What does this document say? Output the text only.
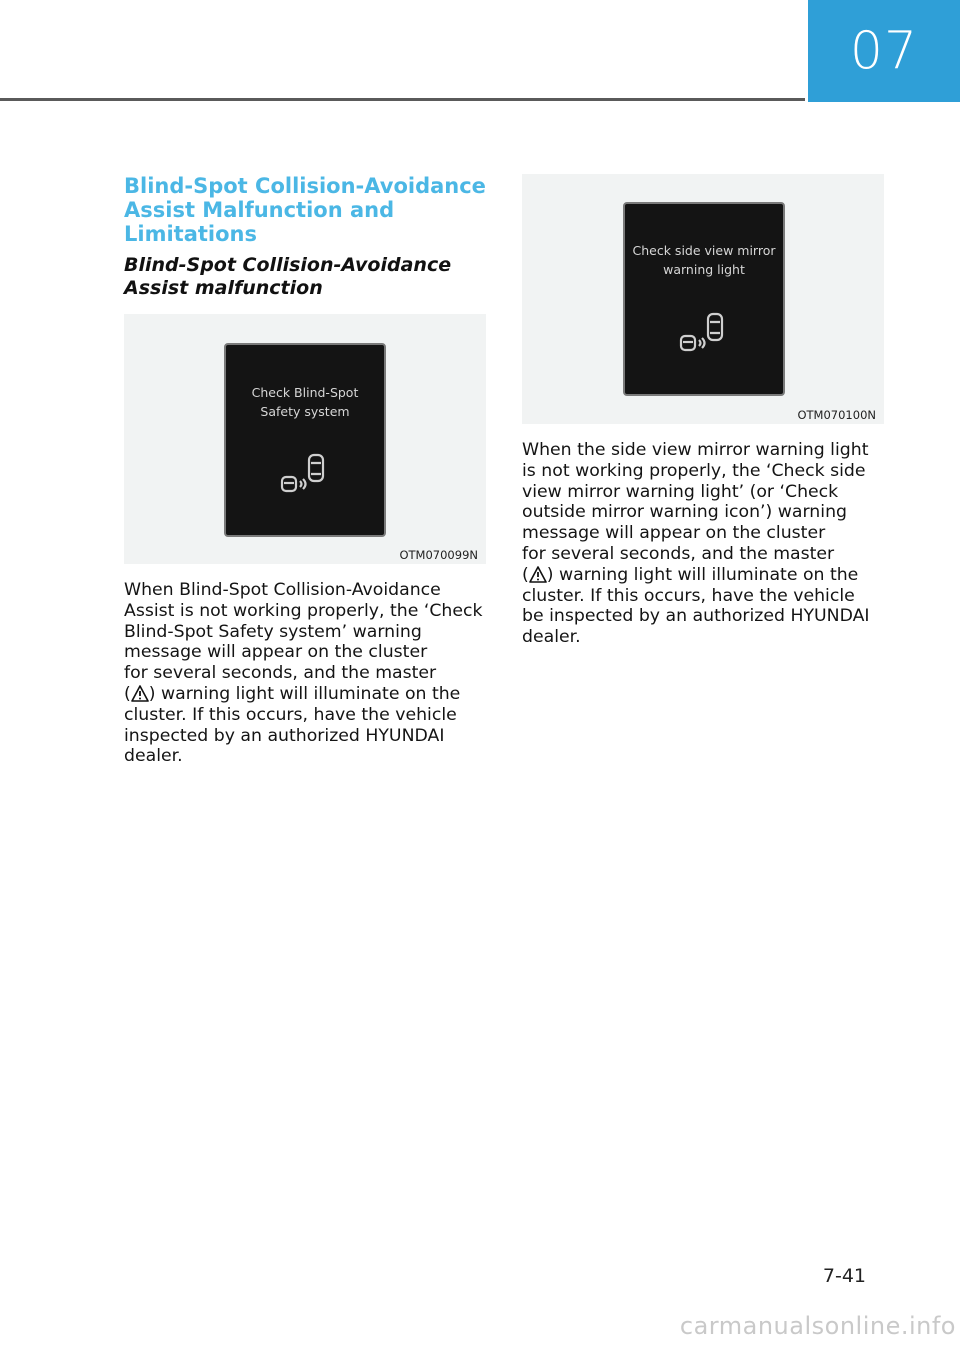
07
Blind-Spot Collision-Avoidance
Assist Malfunction and
Limitations
Blind-Spot Collision-Avoidance
Assist malfunction
Check Blind-Spot
Safety system
OTM070099N
When Blind-Spot Collision-Avoidance
Assist is not working properly, the ‘Check
Blind-Spot Safety system’ warning
message will appear on the cluster
for several seconds, and the master
( ) warning light will illuminate on the
cluster. If this occurs, have the vehicle
inspected by an authorized HYUNDAI
dealer.
Check side view mirror
warning light
OTM070100N
When the side view mirror warning light
is not working properly, the ‘Check side
view mirror warning light’ (or ‘Check
outside mirror warning icon’) warning
message will appear on the cluster
for several seconds, and the master
( ) warning light will illuminate on the
cluster. If this occurs, have the vehicle
be inspected by an authorized HYUNDAI
dealer.
7-41
carmanualsonline.info
